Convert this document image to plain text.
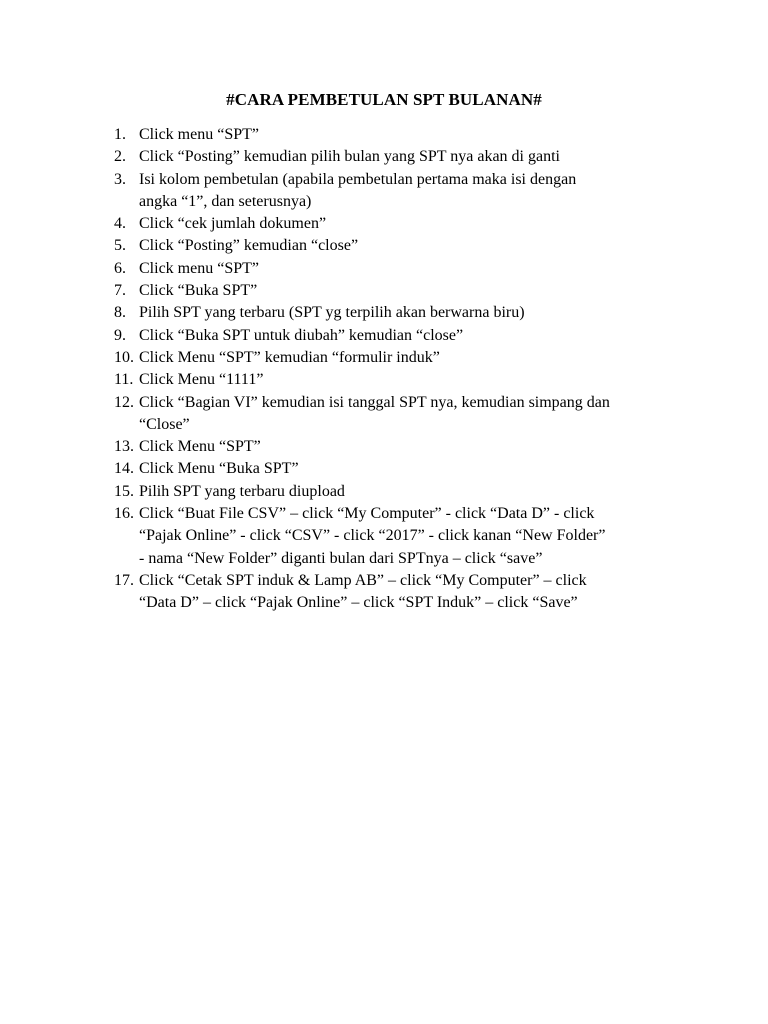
#CARA PEMBETULAN SPT BULANAN#
1. Click menu “SPT”
2. Click “Posting” kemudian pilih bulan yang SPT nya akan di ganti
3. Isi kolom pembetulan (apabila pembetulan pertama maka isi dengan
angka “1”, dan seterusnya)
4. Click “cek jumlah dokumen”
5. Click “Posting” kemudian “close”
6. Click menu “SPT”
7. Click “Buka SPT”
8. Pilih SPT yang terbaru (SPT yg terpilih akan berwarna biru)
9. Click “Buka SPT untuk diubah” kemudian “close”
10. Click Menu “SPT” kemudian “formulir induk”
11. Click Menu “1111”
12. Click “Bagian VI” kemudian isi tanggal SPT nya, kemudian simpang dan
“Close”
13. Click Menu “SPT”
14. Click Menu “Buka SPT”
15. Pilih SPT yang terbaru diupload
16. Click “Buat File CSV” – click “My Computer” - click “Data D” - click
“Pajak Online” - click “CSV” - click “2017” - click kanan “New Folder”
- nama “New Folder” diganti bulan dari SPTnya – click “save”
17. Click “Cetak SPT induk & Lamp AB” – click “My Computer” – click
“Data D” – click “Pajak Online” – click “SPT Induk” – click “Save”
